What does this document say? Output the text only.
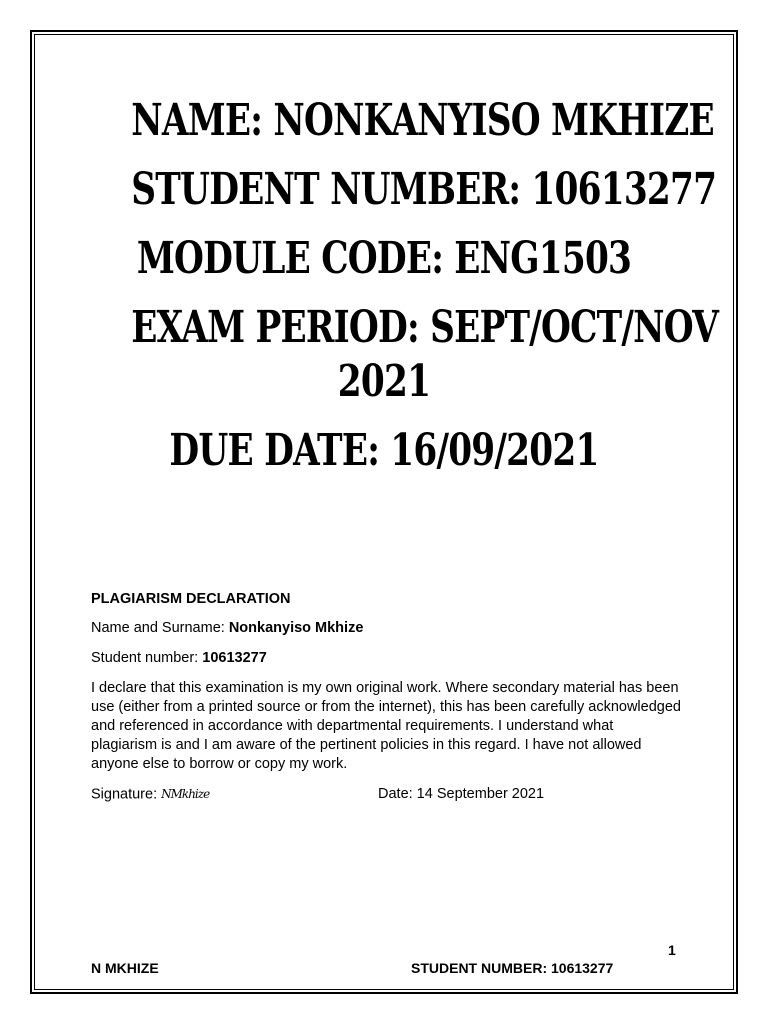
NAME: NONKANYISO MKHIZE
STUDENT NUMBER: 10613277
MODULE CODE: ENG1503
EXAM PERIOD: SEPT/OCT/NOV
2021
DUE DATE: 16/09/2021
PLAGIARISM DECLARATION

Name and Surname: Nonkanyiso Mkhize

Student number: 10613277

I declare that this examination is my own original work. Where secondary material has been use (either from a printed source or from the internet), this has been carefully acknowledged and referenced in accordance with departmental requirements. I understand what plagiarism is and I am aware of the pertinent policies in this regard. I have not allowed anyone else to borrow or copy my work.

Signature: NMkhize	Date: 14 September 2021
1
N MKHIZE	STUDENT NUMBER: 10613277
